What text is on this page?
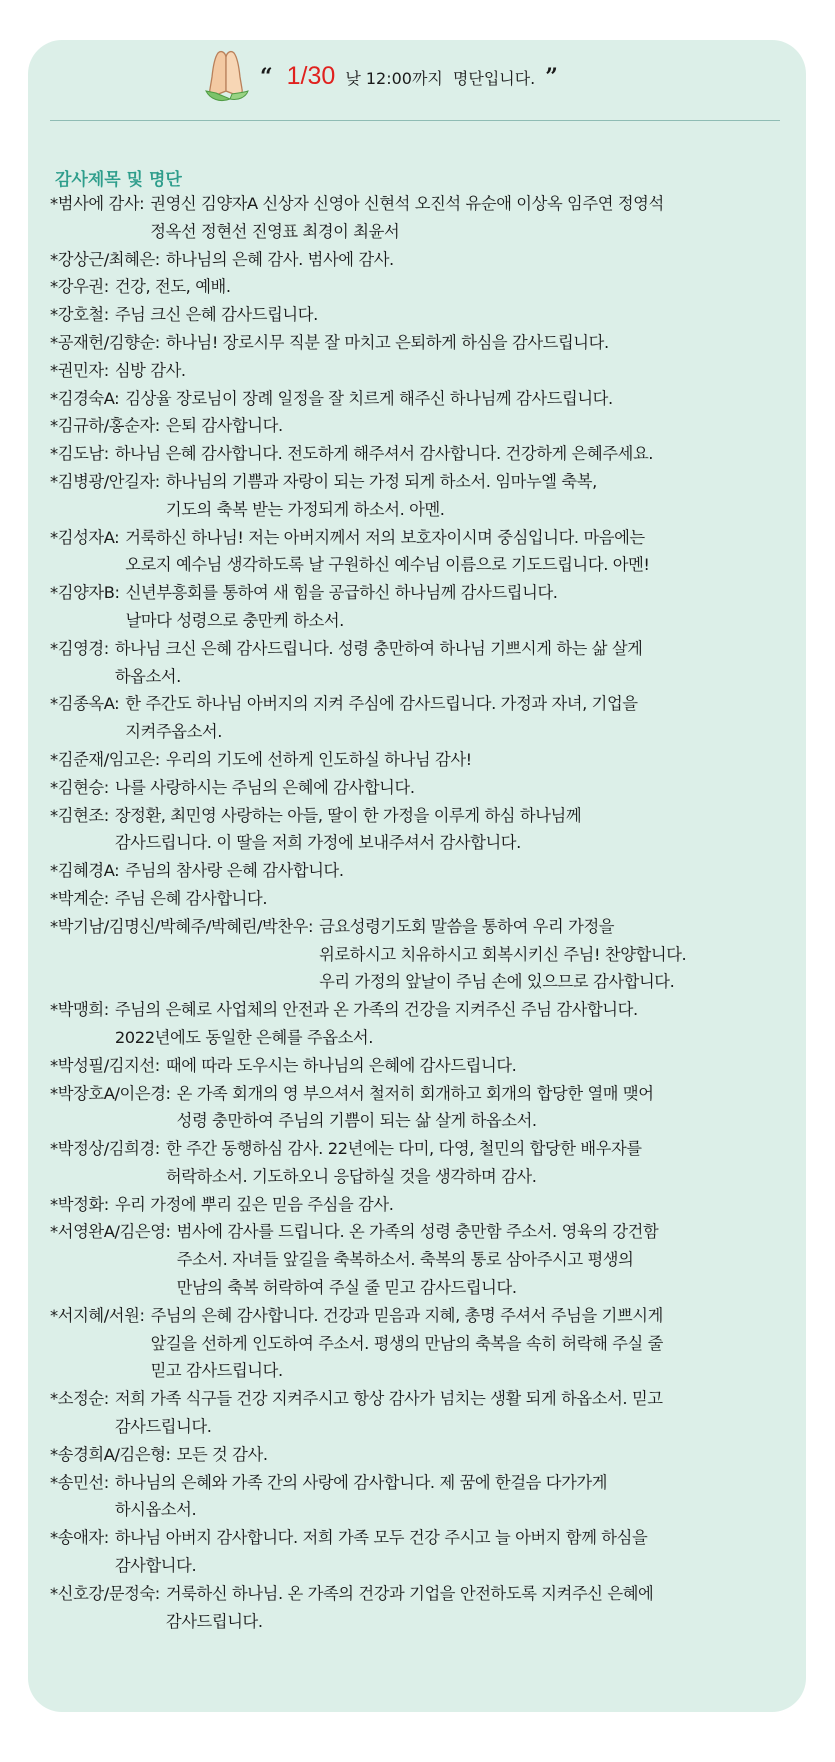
“ 1/30 낮 12:00까지 명단입니다. ”
감사제목 및 명단
*범사에 감사: 권영신 김양자A 신상자 신영아 신현석 오진석 유순애 이상옥 임주연 정영석
정옥선 정현선 진영표 최경이 최윤서
*강상근/최혜은: 하나님의 은혜 감사. 범사에 감사.
*강우권: 건강, 전도, 예배.
*강호철: 주님 크신 은혜 감사드립니다.
*공재헌/김향순: 하나님! 장로시무 직분 잘 마치고 은퇴하게 하심을 감사드립니다.
*권민자: 심방 감사.
*김경숙A: 김상율 장로님이 장례 일정을 잘 치르게 해주신 하나님께 감사드립니다.
*김규하/홍순자: 은퇴 감사합니다.
*김도남: 하나님 은혜 감사합니다. 전도하게 해주셔서 감사합니다. 건강하게 은혜주세요.
*김병광/안길자: 하나님의 기쁨과 자랑이 되는 가정 되게 하소서. 임마누엘 축복,
기도의 축복 받는 가정되게 하소서. 아멘.
*김성자A: 거룩하신 하나님! 저는 아버지께서 저의 보호자이시며 중심입니다. 마음에는
오로지 예수님 생각하도록 날 구원하신 예수님 이름으로 기도드립니다. 아멘!
*김양자B: 신년부흥회를 통하여 새 힘을 공급하신 하나님께 감사드립니다.
날마다 성령으로 충만케 하소서.
*김영경: 하나님 크신 은혜 감사드립니다. 성령 충만하여 하나님 기쁘시게 하는 삶 살게
하옵소서.
*김종옥A: 한 주간도 하나님 아버지의 지켜 주심에 감사드립니다. 가정과 자녀, 기업을
지켜주옵소서.
*김준재/임고은: 우리의 기도에 선하게 인도하실 하나님 감사!
*김현승: 나를 사랑하시는 주님의 은혜에 감사합니다.
*김현조: 장정환, 최민영 사랑하는 아들, 딸이 한 가정을 이루게 하심 하나님께
감사드립니다. 이 딸을 저희 가정에 보내주셔서 감사합니다.
*김혜경A: 주님의 참사랑 은혜 감사합니다.
*박계순: 주님 은혜 감사합니다.
*박기남/김명신/박혜주/박혜린/박찬우: 금요성령기도회 말씀을 통하여 우리 가정을
위로하시고 치유하시고 회복시키신 주님! 찬양합니다.
우리 가정의 앞날이 주님 손에 있으므로 감사합니다.
*박맹희: 주님의 은혜로 사업체의 안전과 온 가족의 건강을 지켜주신 주님 감사합니다.
2022년에도 동일한 은혜를 주옵소서.
*박성필/김지선: 때에 따라 도우시는 하나님의 은혜에 감사드립니다.
*박장호A/이은경: 온 가족 회개의 영 부으셔서 철저히 회개하고 회개의 합당한 열매 맺어
성령 충만하여 주님의 기쁨이 되는 삶 살게 하옵소서.
*박정상/김희경: 한 주간 동행하심 감사. 22년에는 다미, 다영, 철민의 합당한 배우자를
허락하소서. 기도하오니 응답하실 것을 생각하며 감사.
*박정화: 우리 가정에 뿌리 깊은 믿음 주심을 감사.
*서영완A/김은영: 범사에 감사를 드립니다. 온 가족의 성령 충만함 주소서. 영육의 강건함
주소서. 자녀들 앞길을 축복하소서. 축복의 통로 삼아주시고 평생의
만남의 축복 허락하여 주실 줄 믿고 감사드립니다.
*서지혜/서원: 주님의 은혜 감사합니다. 건강과 믿음과 지혜, 총명 주셔서 주님을 기쁘시게
앞길을 선하게 인도하여 주소서. 평생의 만남의 축복을 속히 허락해 주실 줄
믿고 감사드립니다.
*소정순: 저희 가족 식구들 건강 지켜주시고 항상 감사가 넘치는 생활 되게 하옵소서. 믿고
감사드립니다.
*송경희A/김은형: 모든 것 감사.
*송민선: 하나님의 은혜와 가족 간의 사랑에 감사합니다. 제 꿈에 한걸음 다가가게
하시옵소서.
*송애자: 하나님 아버지 감사합니다. 저희 가족 모두 건강 주시고 늘 아버지 함께 하심을
감사합니다.
*신호강/문정숙: 거룩하신 하나님. 온 가족의 건강과 기업을 안전하도록 지켜주신 은혜에
감사드립니다.
